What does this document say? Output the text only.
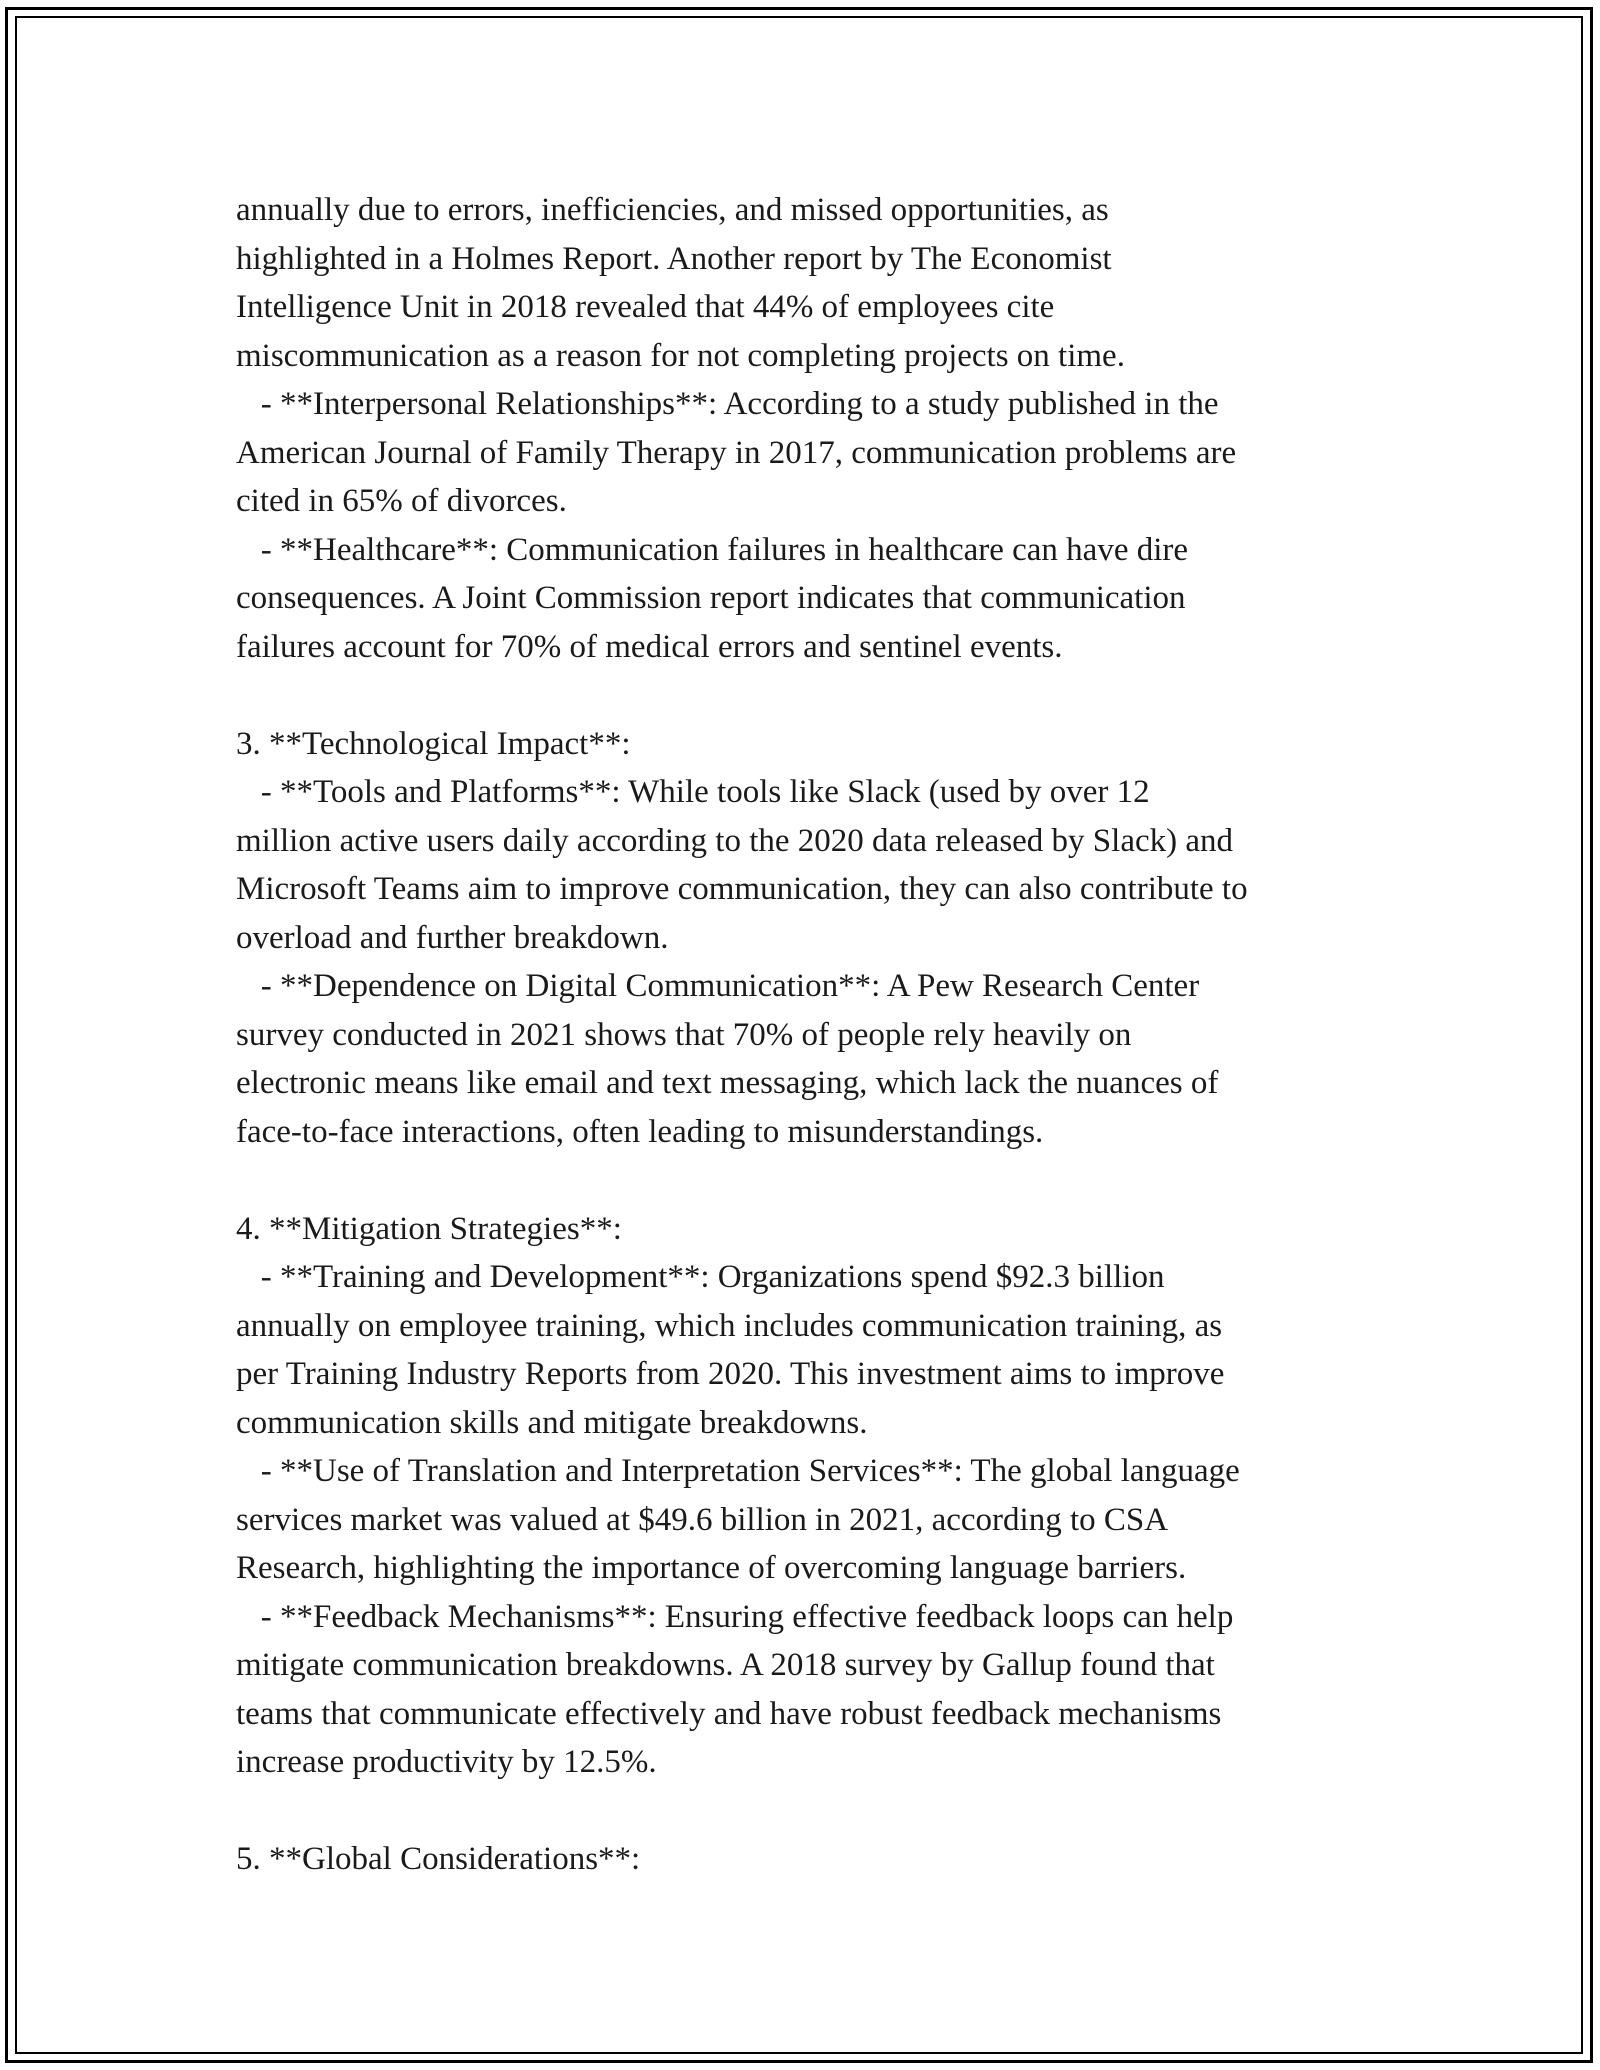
annually due to errors, inefficiencies, and missed opportunities, as
highlighted in a Holmes Report. Another report by The Economist
Intelligence Unit in 2018 revealed that 44% of employees cite
miscommunication as a reason for not completing projects on time.
- **Interpersonal Relationships**: According to a study published in the
American Journal of Family Therapy in 2017, communication problems are
cited in 65% of divorces.
- **Healthcare**: Communication failures in healthcare can have dire
consequences. A Joint Commission report indicates that communication
failures account for 70% of medical errors and sentinel events.
3. **Technological Impact**:
- **Tools and Platforms**: While tools like Slack (used by over 12
million active users daily according to the 2020 data released by Slack) and
Microsoft Teams aim to improve communication, they can also contribute to
overload and further breakdown.
- **Dependence on Digital Communication**: A Pew Research Center
survey conducted in 2021 shows that 70% of people rely heavily on
electronic means like email and text messaging, which lack the nuances of
face-to-face interactions, often leading to misunderstandings.
4. **Mitigation Strategies**:
- **Training and Development**: Organizations spend $92.3 billion
annually on employee training, which includes communication training, as
per Training Industry Reports from 2020. This investment aims to improve
communication skills and mitigate breakdowns.
- **Use of Translation and Interpretation Services**: The global language
services market was valued at $49.6 billion in 2021, according to CSA
Research, highlighting the importance of overcoming language barriers.
- **Feedback Mechanisms**: Ensuring effective feedback loops can help
mitigate communication breakdowns. A 2018 survey by Gallup found that
teams that communicate effectively and have robust feedback mechanisms
increase productivity by 12.5%.
5. **Global Considerations**:
